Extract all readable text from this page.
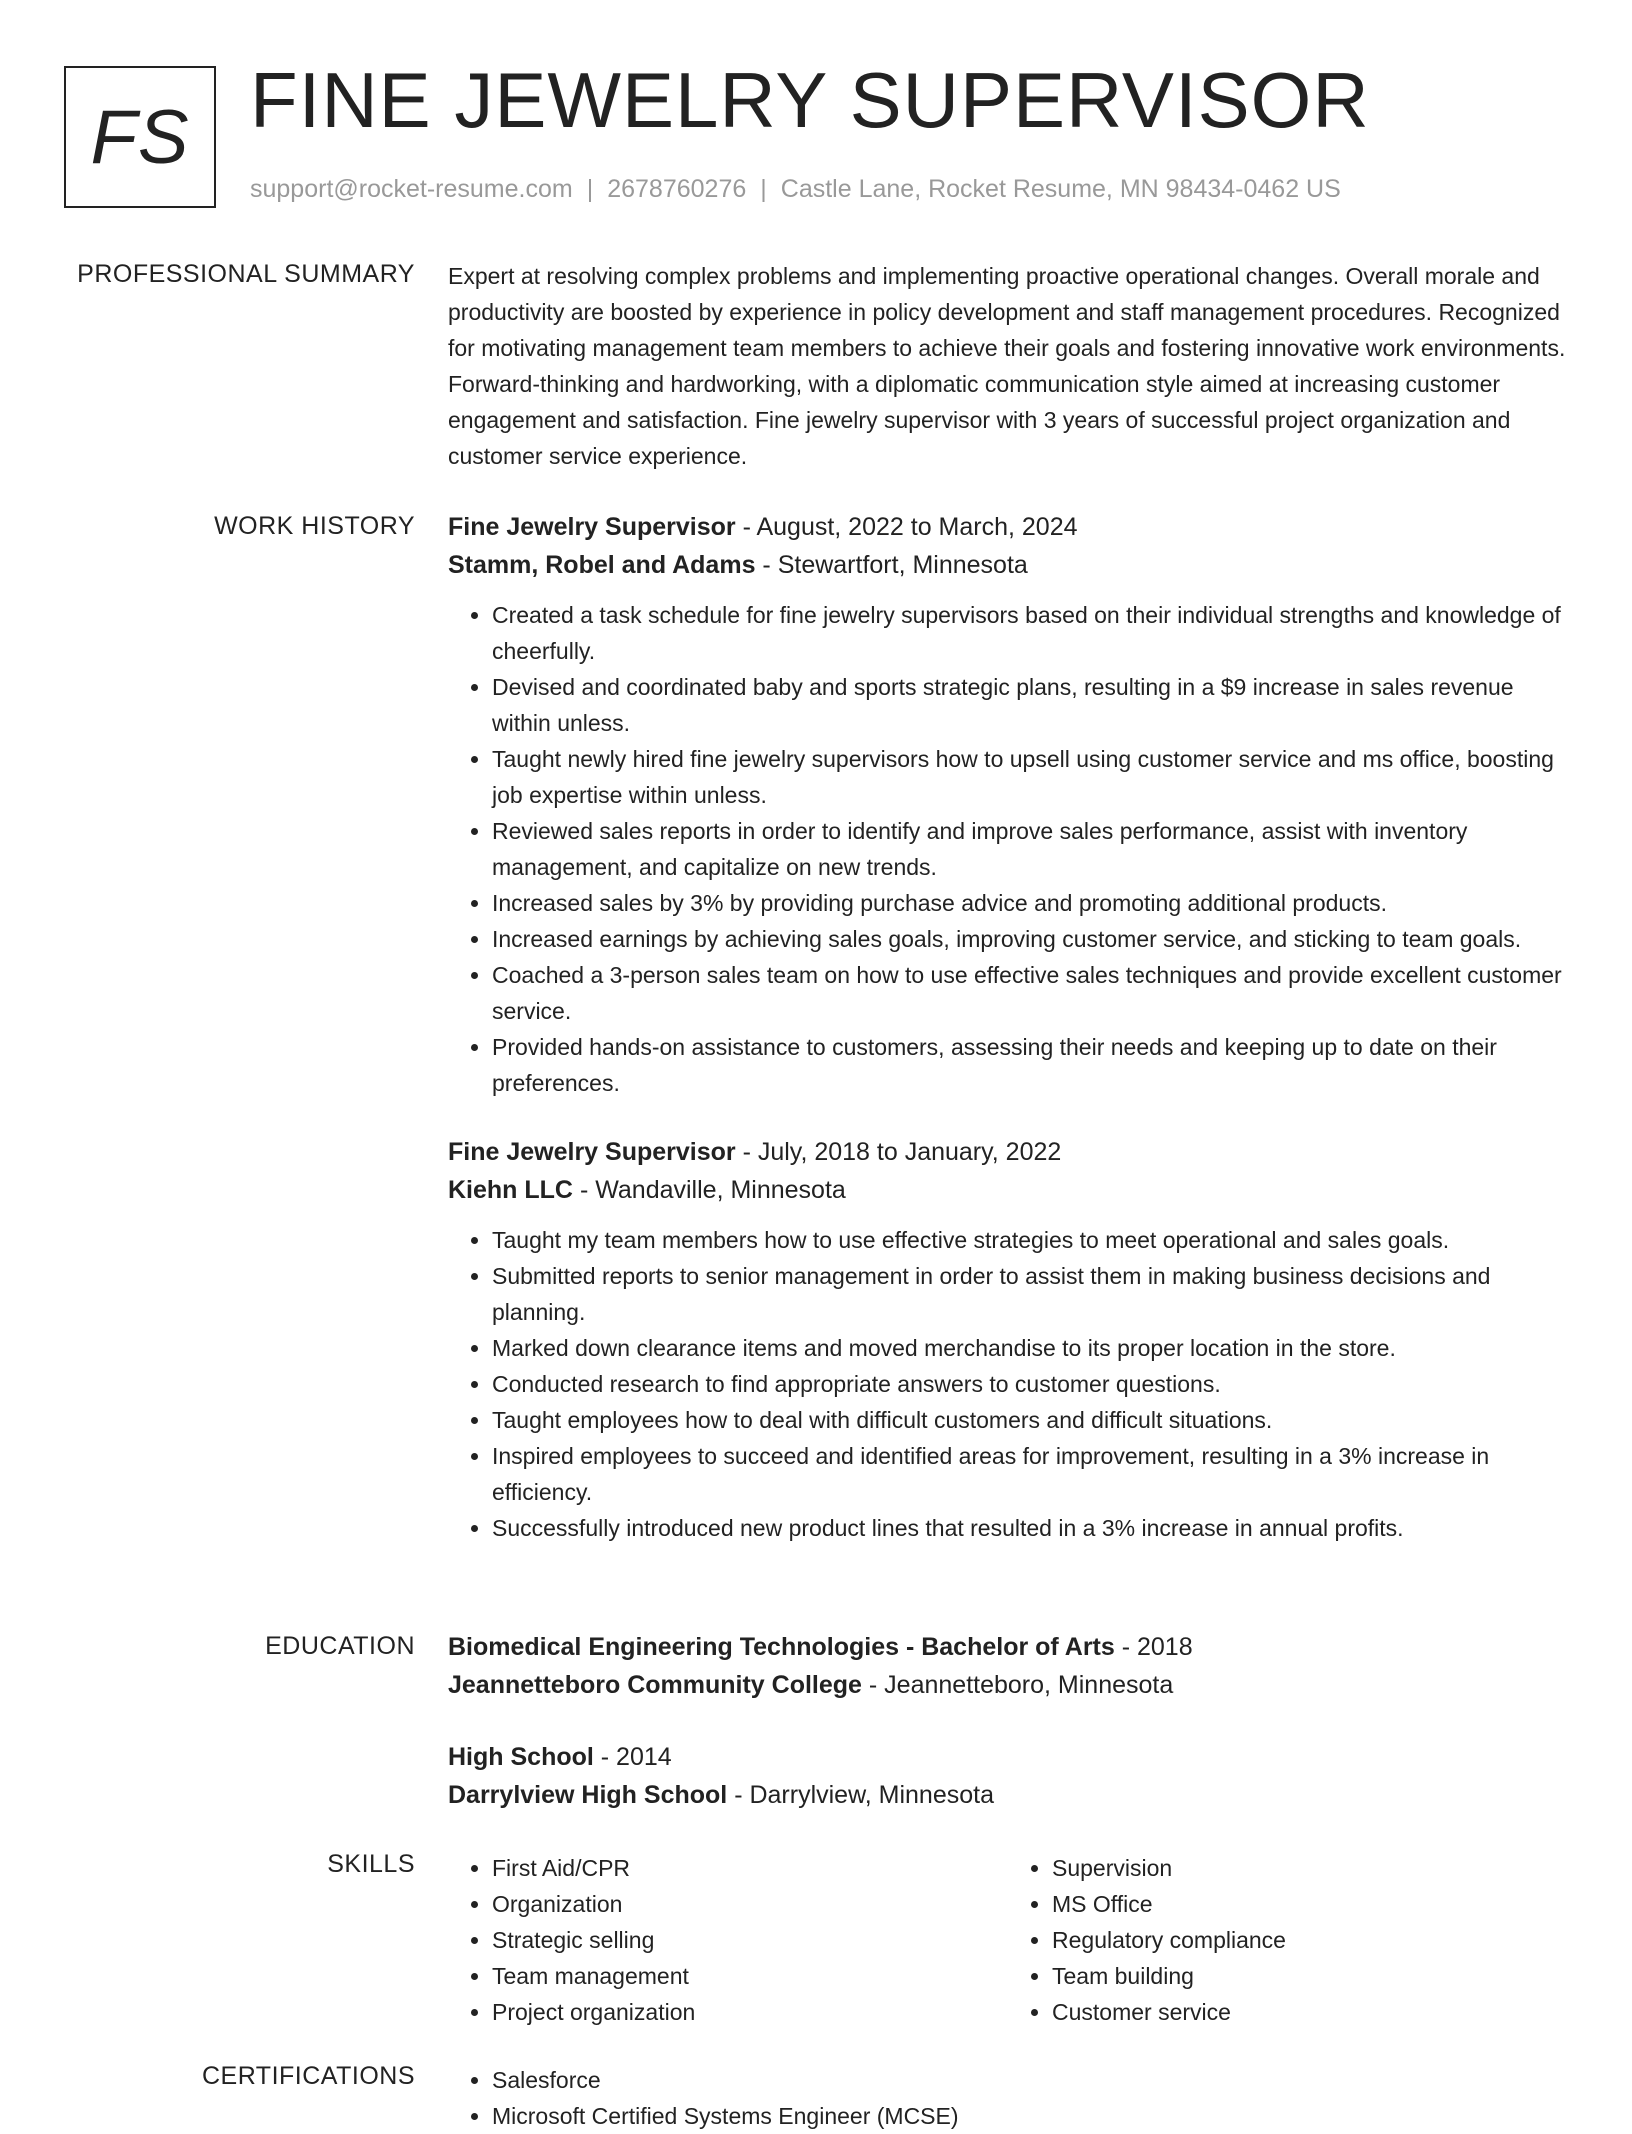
FS FINE JEWELRY SUPERVISOR
support@rocket-resume.com | 2678760276 | Castle Lane, Rocket Resume, MN 98434-0462 US
PROFESSIONAL SUMMARY Expert at resolving complex problems and implementing proactive operational changes. Overall morale and productivity are boosted by experience in policy development and staff management procedures. Recognized for motivating management team members to achieve their goals and fostering innovative work environments. Forward-thinking and hardworking, with a diplomatic communication style aimed at increasing customer engagement and satisfaction. Fine jewelry supervisor with 3 years of successful project organization and customer service experience.

WORK HISTORY Fine Jewelry Supervisor - August, 2022 to March, 2024

Stamm, Robel and Adams - Stewartfort, Minnesota

• Created a task schedule for fine jewelry supervisors based on their individual strengths and knowledge of cheerfully.
• Devised and coordinated baby and sports strategic plans, resulting in a $9 increase in sales revenue within unless.
• Taught newly hired fine jewelry supervisors how to upsell using customer service and ms office, boosting job expertise within unless.
• Reviewed sales reports in order to identify and improve sales performance, assist with inventory management, and capitalize on new trends.
• Increased sales by 3% by providing purchase advice and promoting additional products.
• Increased earnings by achieving sales goals, improving customer service, and sticking to team goals.
• Coached a 3-person sales team on how to use effective sales techniques and provide excellent customer service.
• Provided hands-on assistance to customers, assessing their needs and keeping up to date on their preferences.

Fine Jewelry Supervisor - July, 2018 to January, 2022

Kiehn LLC - Wandaville, Minnesota

• Taught my team members how to use effective strategies to meet operational and sales goals.
• Submitted reports to senior management in order to assist them in making business decisions and planning.
• Marked down clearance items and moved merchandise to its proper location in the store.
• Conducted research to find appropriate answers to customer questions.
• Taught employees how to deal with difficult customers and difficult situations.
• Inspired employees to succeed and identified areas for improvement, resulting in a 3% increase in efficiency.
• Successfully introduced new product lines that resulted in a 3% increase in annual profits.
EDUCATION Biomedical Engineering Technologies - Bachelor of Arts - 2018

Jeannetteboro Community College - Jeannetteboro, Minnesota

High School - 2014

Darrylview High School - Darrylview, Minnesota

SKILLS	• First Aid/CPR
• Organization
• Strategic selling
• Team management
• Project organization
• Supervision
• MS Office
• Regulatory compliance
• Team building
• Customer service
CERTIFICATIONS	• Salesforce
• Microsoft Certified Systems Engineer (MCSE)
